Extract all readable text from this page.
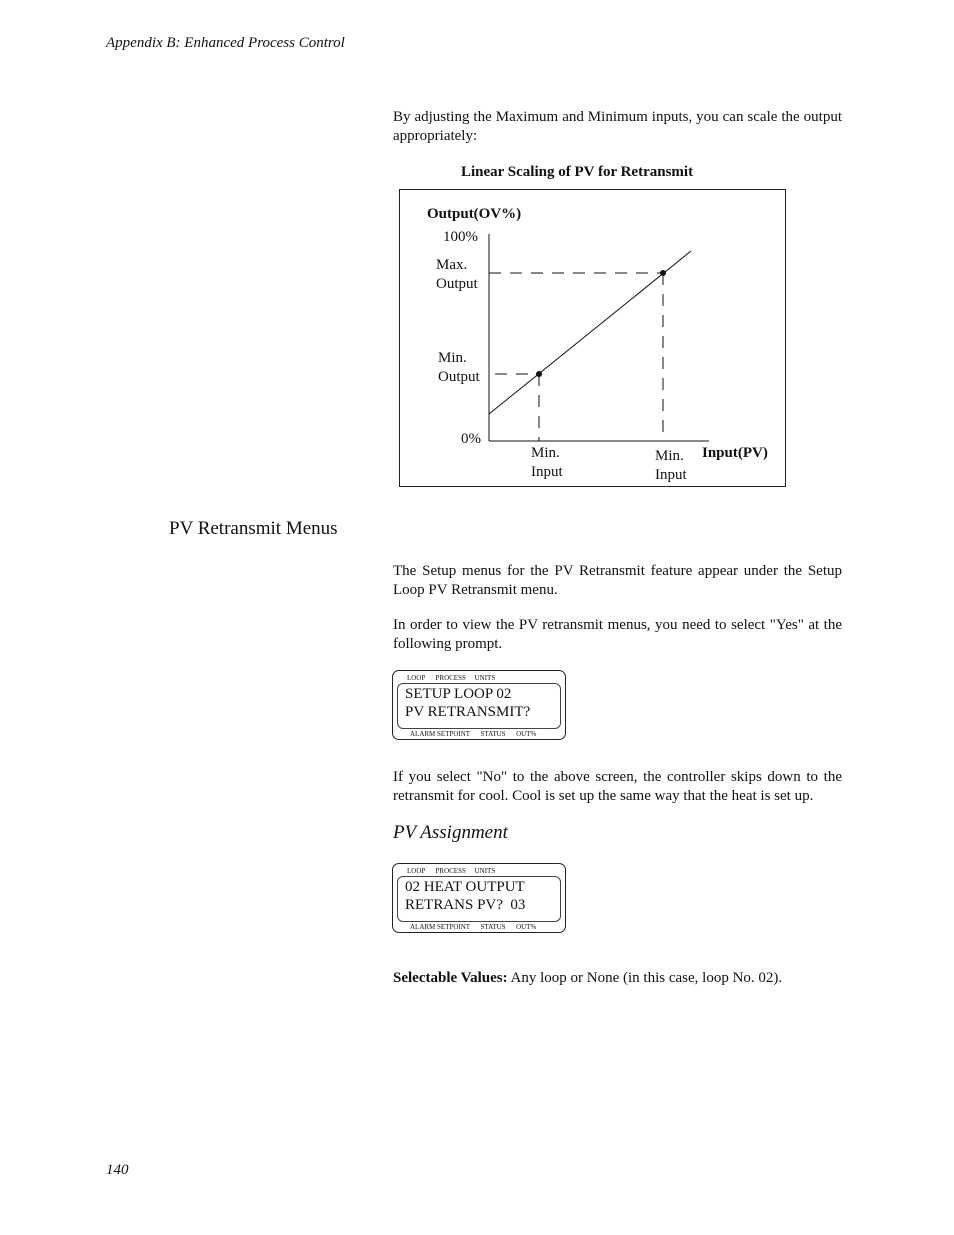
Appendix B: Enhanced Process Control
By adjusting the Maximum and Minimum inputs, you can scale the output appropriately:
Linear Scaling of PV for Retransmit
Output(OV%)
100%
Max.
Output
Min.
Output
0%
Min.
Input
Min.
Input
Input(PV)
PV Retransmit Menus
The Setup menus for the PV Retransmit feature appear under the Setup Loop PV Retransmit menu.
In order to view the PV retransmit menus, you need to select "Yes" at the following prompt.
LOOP      PROCESS     UNITS
SETUP LOOP 02
PV RETRANSMIT?
ALARM SETPOINT      STATUS      OUT%
If you select "No" to the above screen, the controller skips down to the retransmit for cool. Cool is set up the same way that the heat is set up.
PV Assignment
LOOP      PROCESS     UNITS
02 HEAT OUTPUT
RETRANS PV?  03
ALARM SETPOINT      STATUS      OUT%
Selectable Values: Any loop or None (in this case, loop No. 02).
140
